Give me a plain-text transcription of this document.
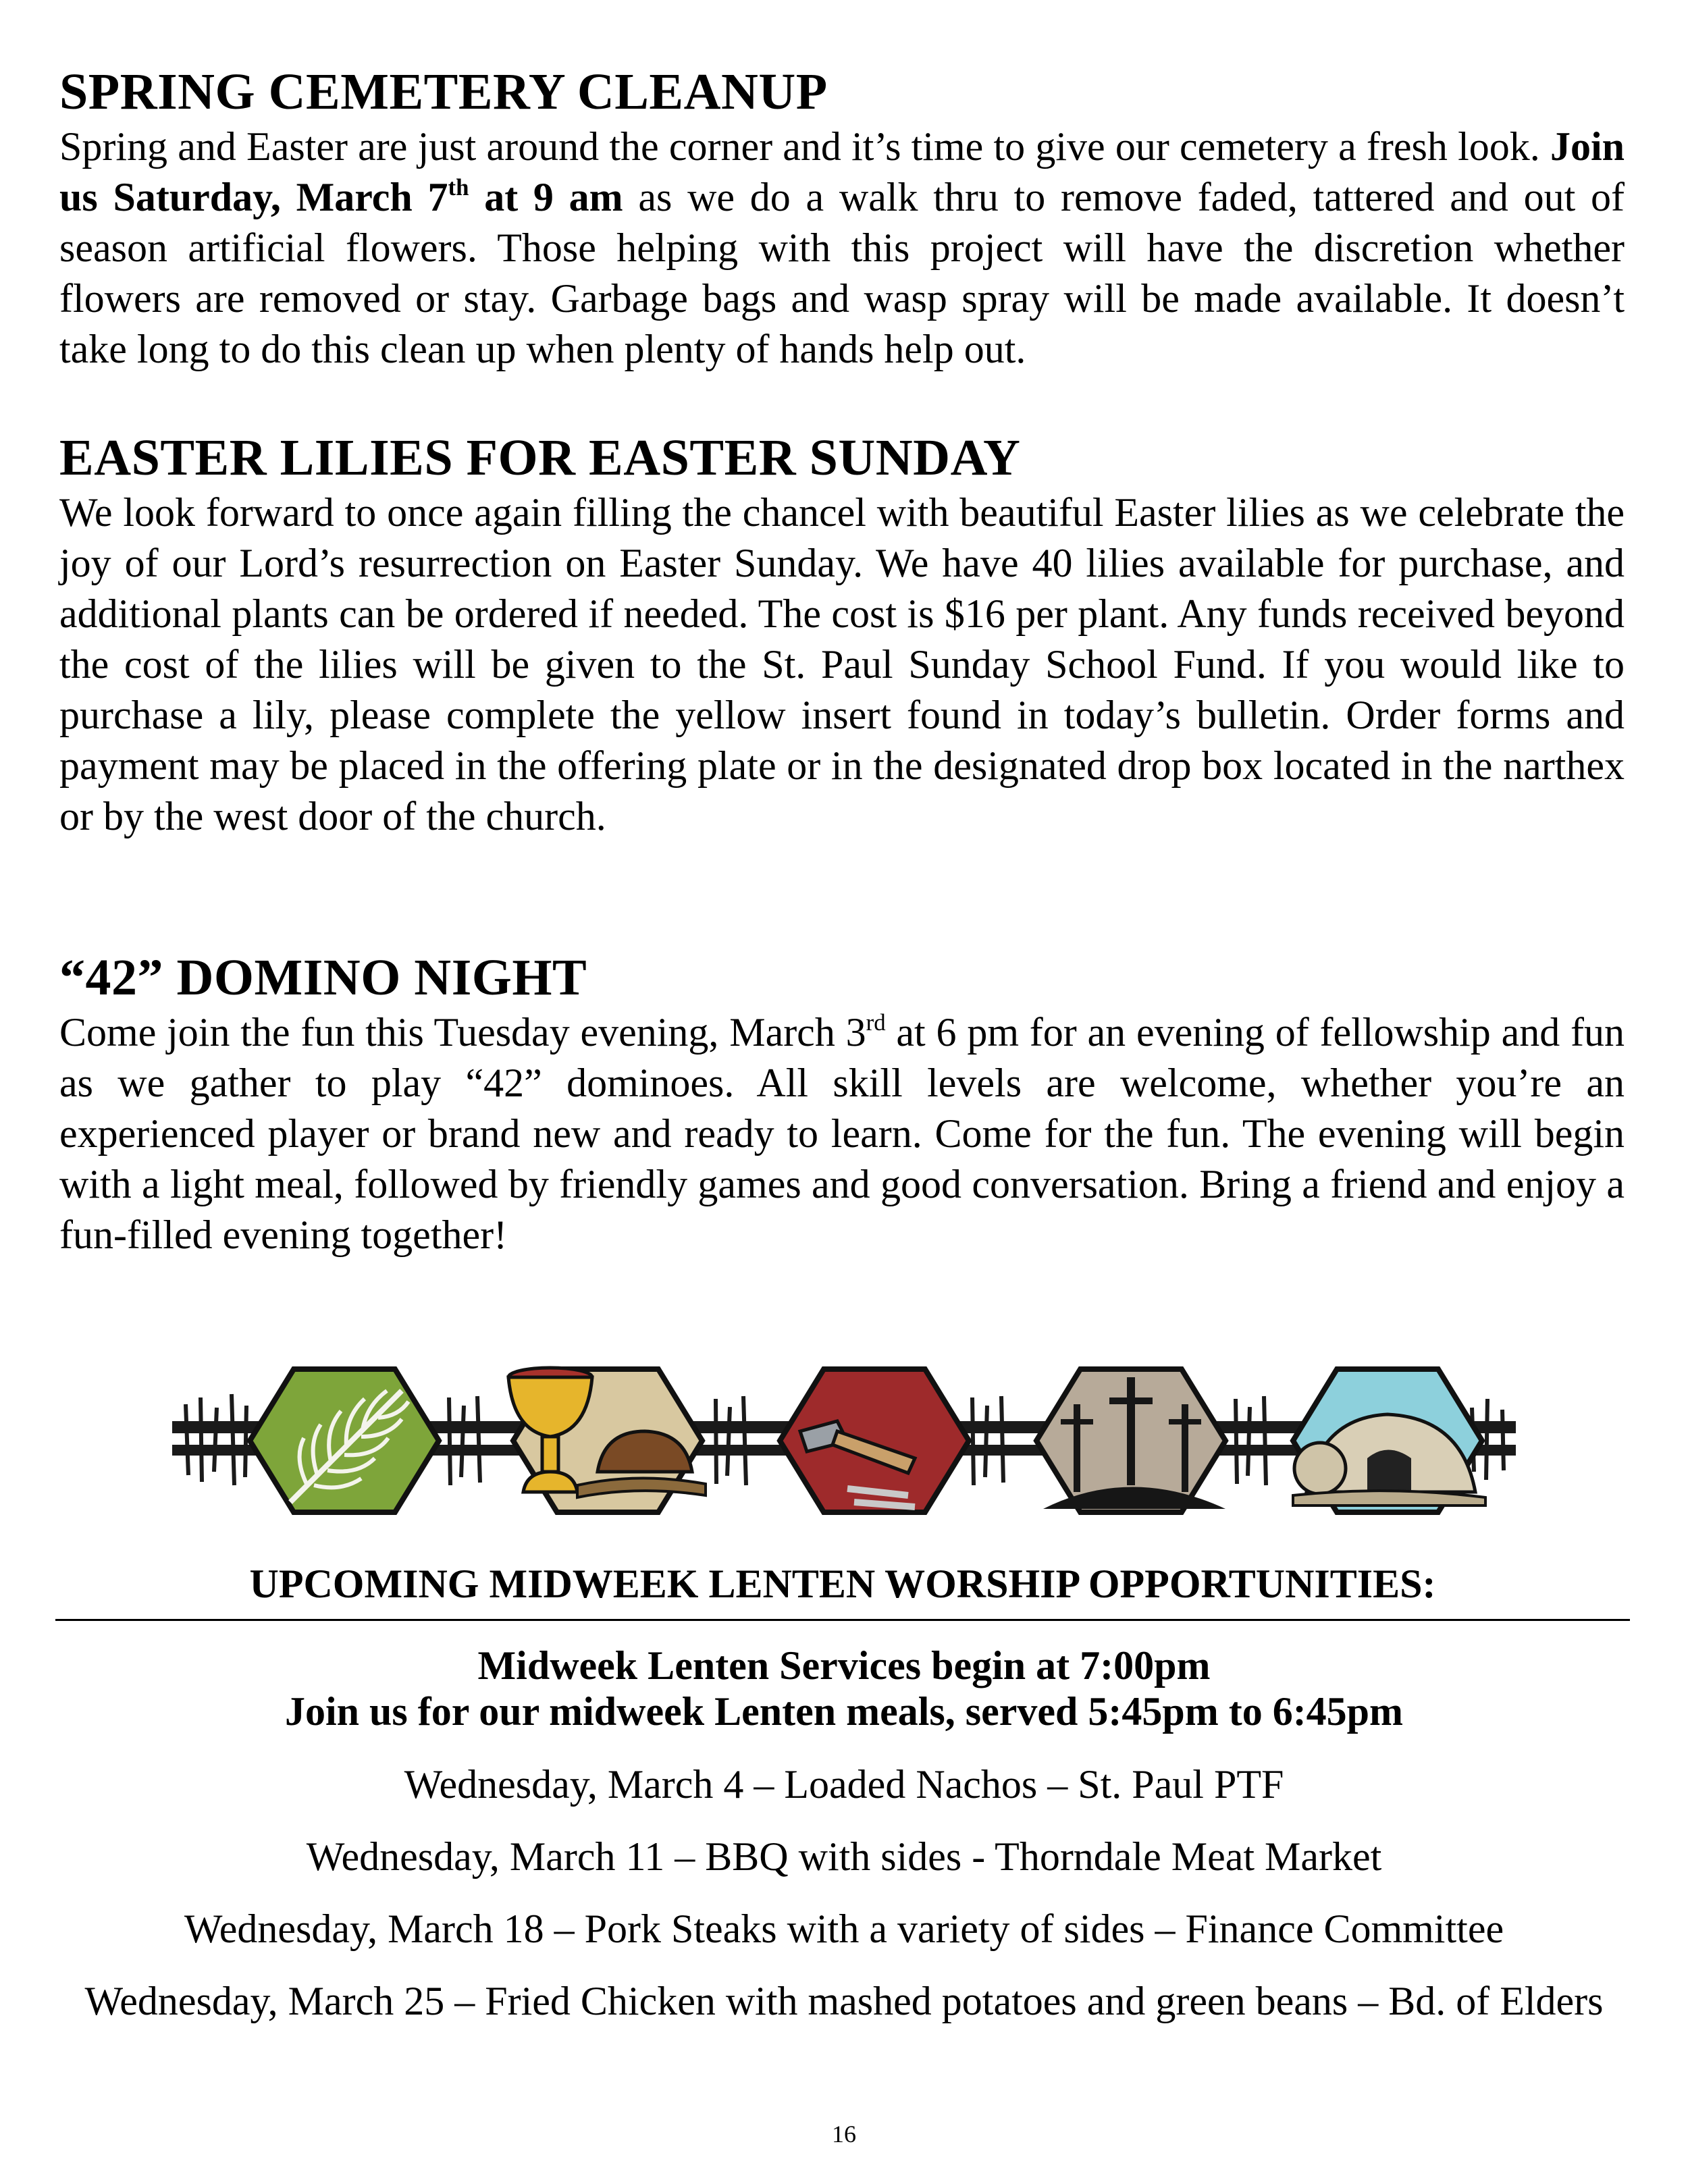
SPRING CEMETERY CLEANUP

Spring and Easter are just around the corner and it’s time to give our cemetery a fresh look. Join us Saturday, March 7th at 9 am as we do a walk thru to remove faded, tattered and out of season artificial flowers. Those helping with this project will have the discretion whether flowers are removed or stay. Garbage bags and wasp spray will be made available. It doesn’t take long to do this clean up when plenty of hands help out.

EASTER LILIES FOR EASTER SUNDAY

We look forward to once again filling the chancel with beautiful Easter lilies as we celebrate the joy of our Lord’s resurrection on Easter Sunday. We have 40 lilies available for purchase, and additional plants can be ordered if needed. The cost is $16 per plant. Any funds received beyond the cost of the lilies will be given to the St. Paul Sunday School Fund. If you would like to purchase a lily, please complete the yellow insert found in today’s bulletin. Order forms and payment may be placed in the offering plate or in the designated drop box located in the narthex or by the west door of the church.

“42” DOMINO NIGHT

Come join the fun this Tuesday evening, March 3rd at 6 pm for an evening of fellowship and fun as we gather to play “42” dominoes. All skill levels are welcome, whether you’re an experienced player or brand new and ready to learn. Come for the fun. The evening will begin with a light meal, followed by friendly games and good conversation. Bring a friend and enjoy a fun-filled evening together!

UPCOMING MIDWEEK LENTEN WORSHIP OPPORTUNITIES:
Midweek Lenten Services begin at 7:00pm
Join us for our midweek Lenten meals, served 5:45pm to 6:45pm
Wednesday, March 4 – Loaded Nachos – St. Paul PTF
Wednesday, March 11 – BBQ with sides - Thorndale Meat Market
Wednesday, March 18 – Pork Steaks with a variety of sides – Finance Committee
Wednesday, March 25 – Fried Chicken with mashed potatoes and green beans – Bd. of Elders
16
